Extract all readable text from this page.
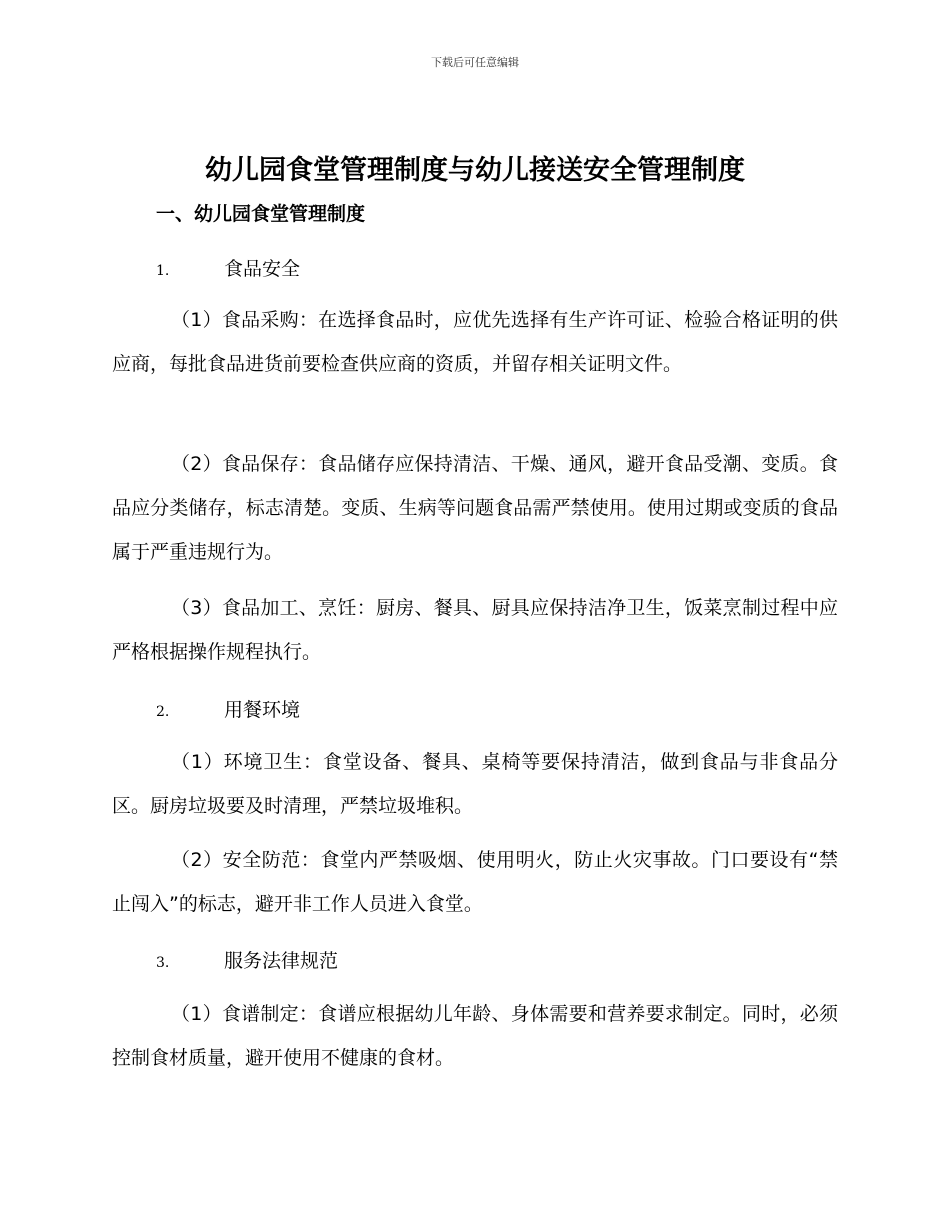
下载后可任意编辑
幼儿园食堂管理制度与幼儿接送安全管理制度
一、幼儿园食堂管理制度
1.	食品安全
（1）食品采购：在选择食品时，应优先选择有生产许可证、检验合格证明的供应商，每批食品进货前要检查供应商的资质，并留存相关证明文件。
（2）食品保存：食品储存应保持清洁、干燥、通风，避开食品受潮、变质。食品应分类储存，标志清楚。变质、生病等问题食品需严禁使用。使用过期或变质的食品属于严重违规行为。
（3）食品加工、烹饪：厨房、餐具、厨具应保持洁净卫生，饭菜烹制过程中应严格根据操作规程执行。
2.	用餐环境
（1）环境卫生：食堂设备、餐具、桌椅等要保持清洁，做到食品与非食品分区。厨房垃圾要及时清理，严禁垃圾堆积。
（2）安全防范：食堂内严禁吸烟、使用明火，防止火灾事故。门口要设有“禁止闯入”的标志，避开非工作人员进入食堂。
3.	服务法律规范
（1）食谱制定：食谱应根据幼儿年龄、身体需要和营养要求制定。同时，必须控制食材质量，避开使用不健康的食材。
